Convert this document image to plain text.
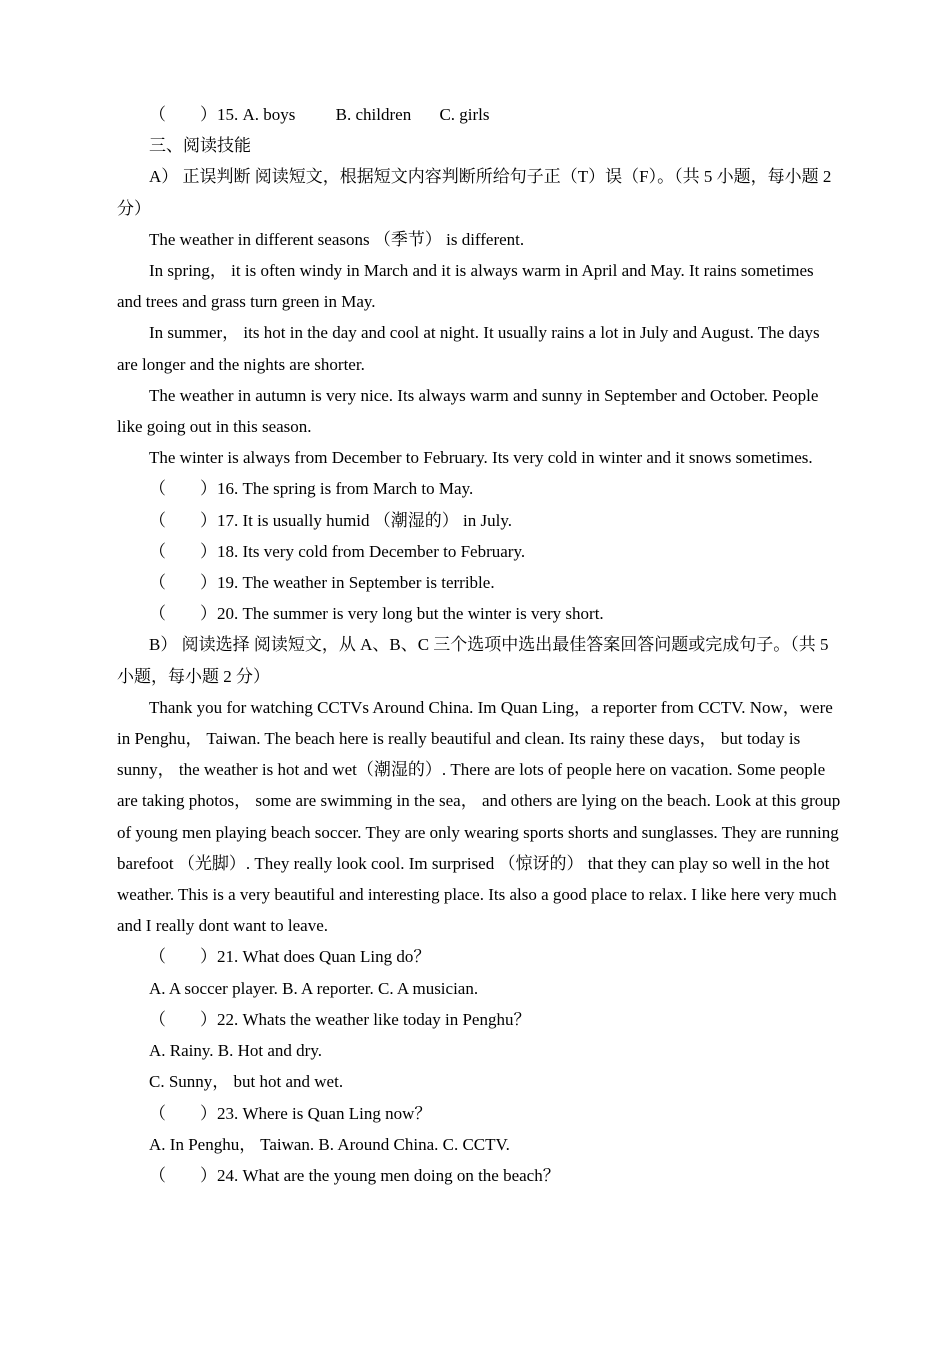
（　　）15. A. boys B. children C. girls
三、阅读技能
A） 正误判断 阅读短文，根据短文内容判断所给句子正（T）误（F）。（共 5 小题，每小题 2 分）
The weather in different seasons （季节） is different.
In spring， it is often windy in March and it is always warm in April and May. It rains sometimes and trees and grass turn green in May.
In summer， its hot in the day and cool at night. It usually rains a lot in July and August. The days are longer and the nights are shorter.
The weather in autumn is very nice. Its always warm and sunny in September and October. People like going out in this season.
The winter is always from December to February. Its very cold in winter and it snows sometimes.
（　　）16. The spring is from March to May.
（　　）17. It is usually humid （潮湿的） in July.
（　　）18. Its very cold from December to February.
（　　）19. The weather in September is terrible.
（　　）20. The summer is very long but the winter is very short.
B） 阅读选择 阅读短文，从 A、B、C 三个选项中选出最佳答案回答问题或完成句子。（共 5 小题，每小题 2 分）
Thank you for watching CCTVs Around China. Im Quan Ling，a reporter from CCTV. Now，were in Penghu， Taiwan. The beach here is really beautiful and clean. Its rainy these days， but today is sunny， the weather is hot and wet（潮湿的）. There are lots of people here on vacation. Some people are taking photos， some are swimming in the sea， and others are lying on the beach. Look at this group of young men playing beach soccer. They are only wearing sports shorts and sunglasses. They are running barefoot （光脚）. They really look cool. Im surprised （惊讶的） that they can play so well in the hot weather. This is a very beautiful and interesting place. Its also a good place to relax. I like here very much and I really dont want to leave.
（　　）21. What does Quan Ling do？
A. A soccer player. B. A reporter. C. A musician.
（　　）22. Whats the weather like today in Penghu？
A. Rainy. B. Hot and dry.
C. Sunny， but hot and wet.
（　　）23. Where is Quan Ling now？
A. In Penghu， Taiwan. B. Around China. C. CCTV.
（　　）24. What are the young men doing on the beach？
